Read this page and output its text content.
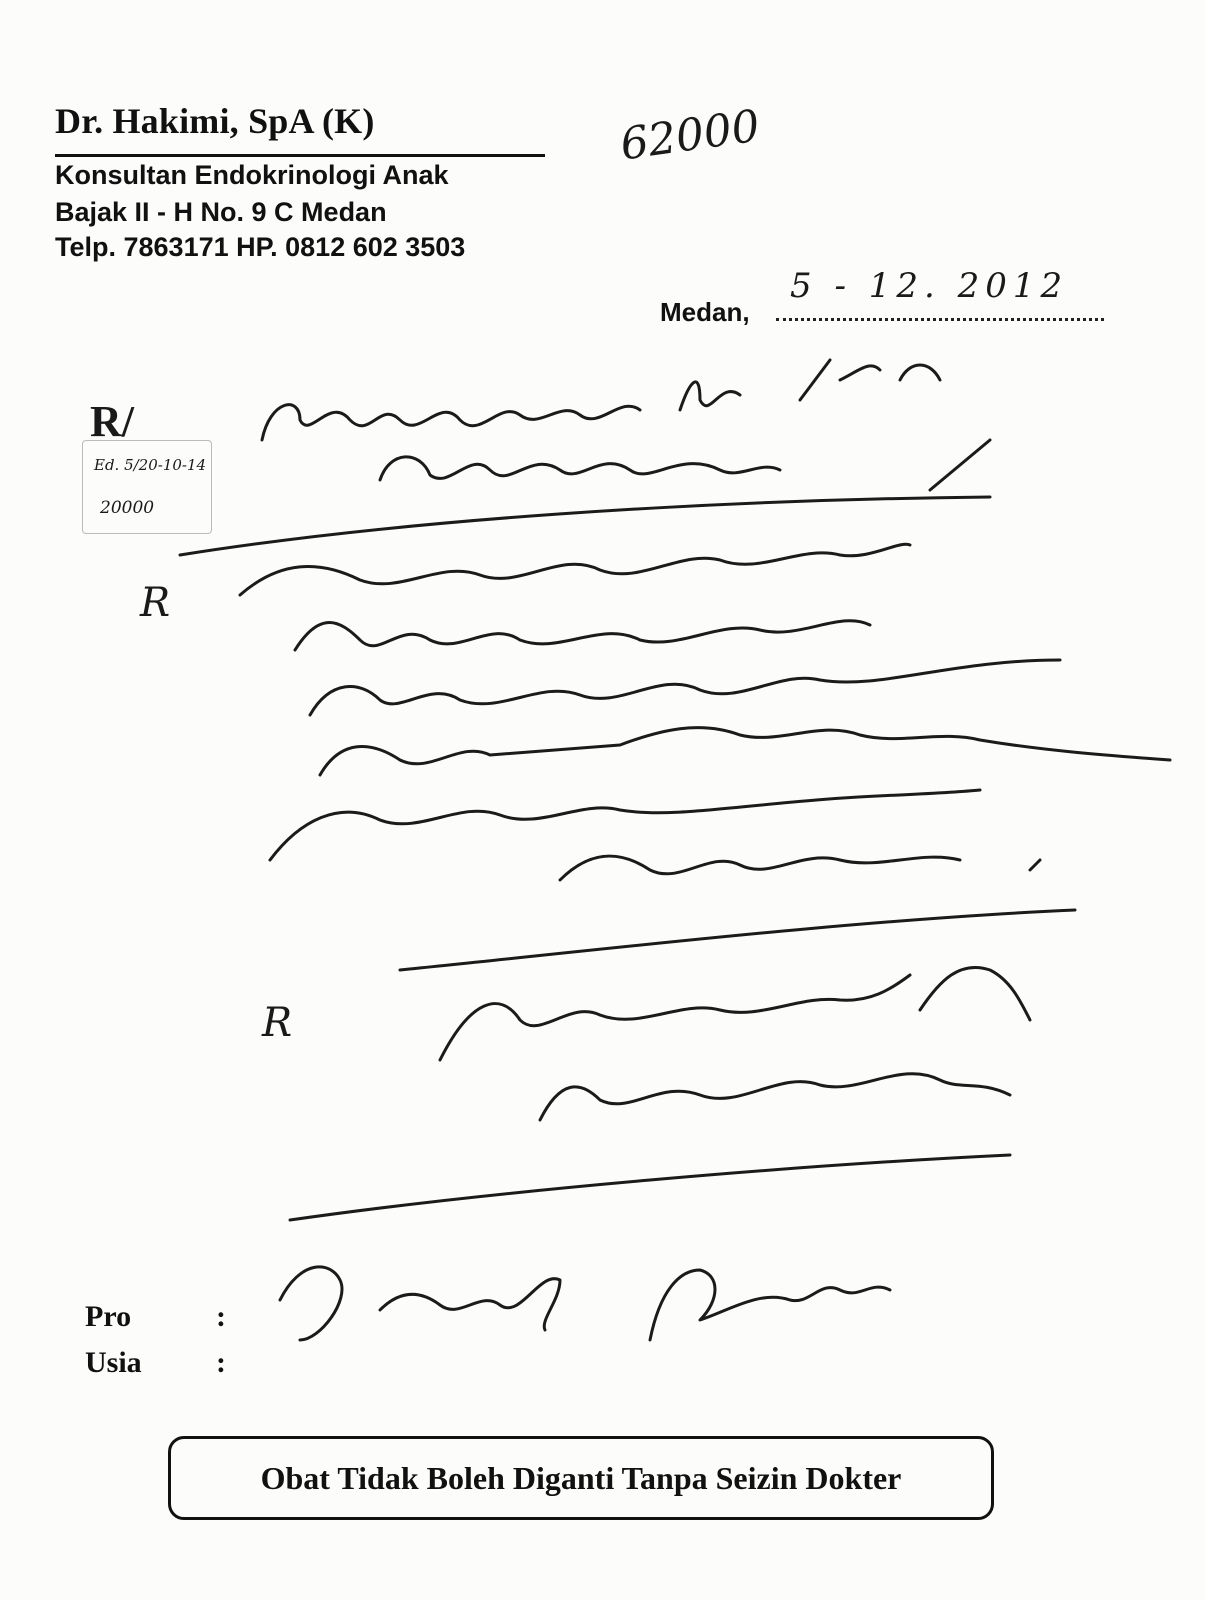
Dr. Hakimi, SpA (K)
Konsultan Endokrinologi Anak
Bajak II - H No. 9 C Medan
Telp. 7863171 HP. 0812 602 3503
62000
Medan,
5 - 12. 2012
R/
Ed. 5/20-10-14
20000
R
R
Pro	:
Usia :
Obat Tidak Boleh Diganti Tanpa Seizin Dokter
